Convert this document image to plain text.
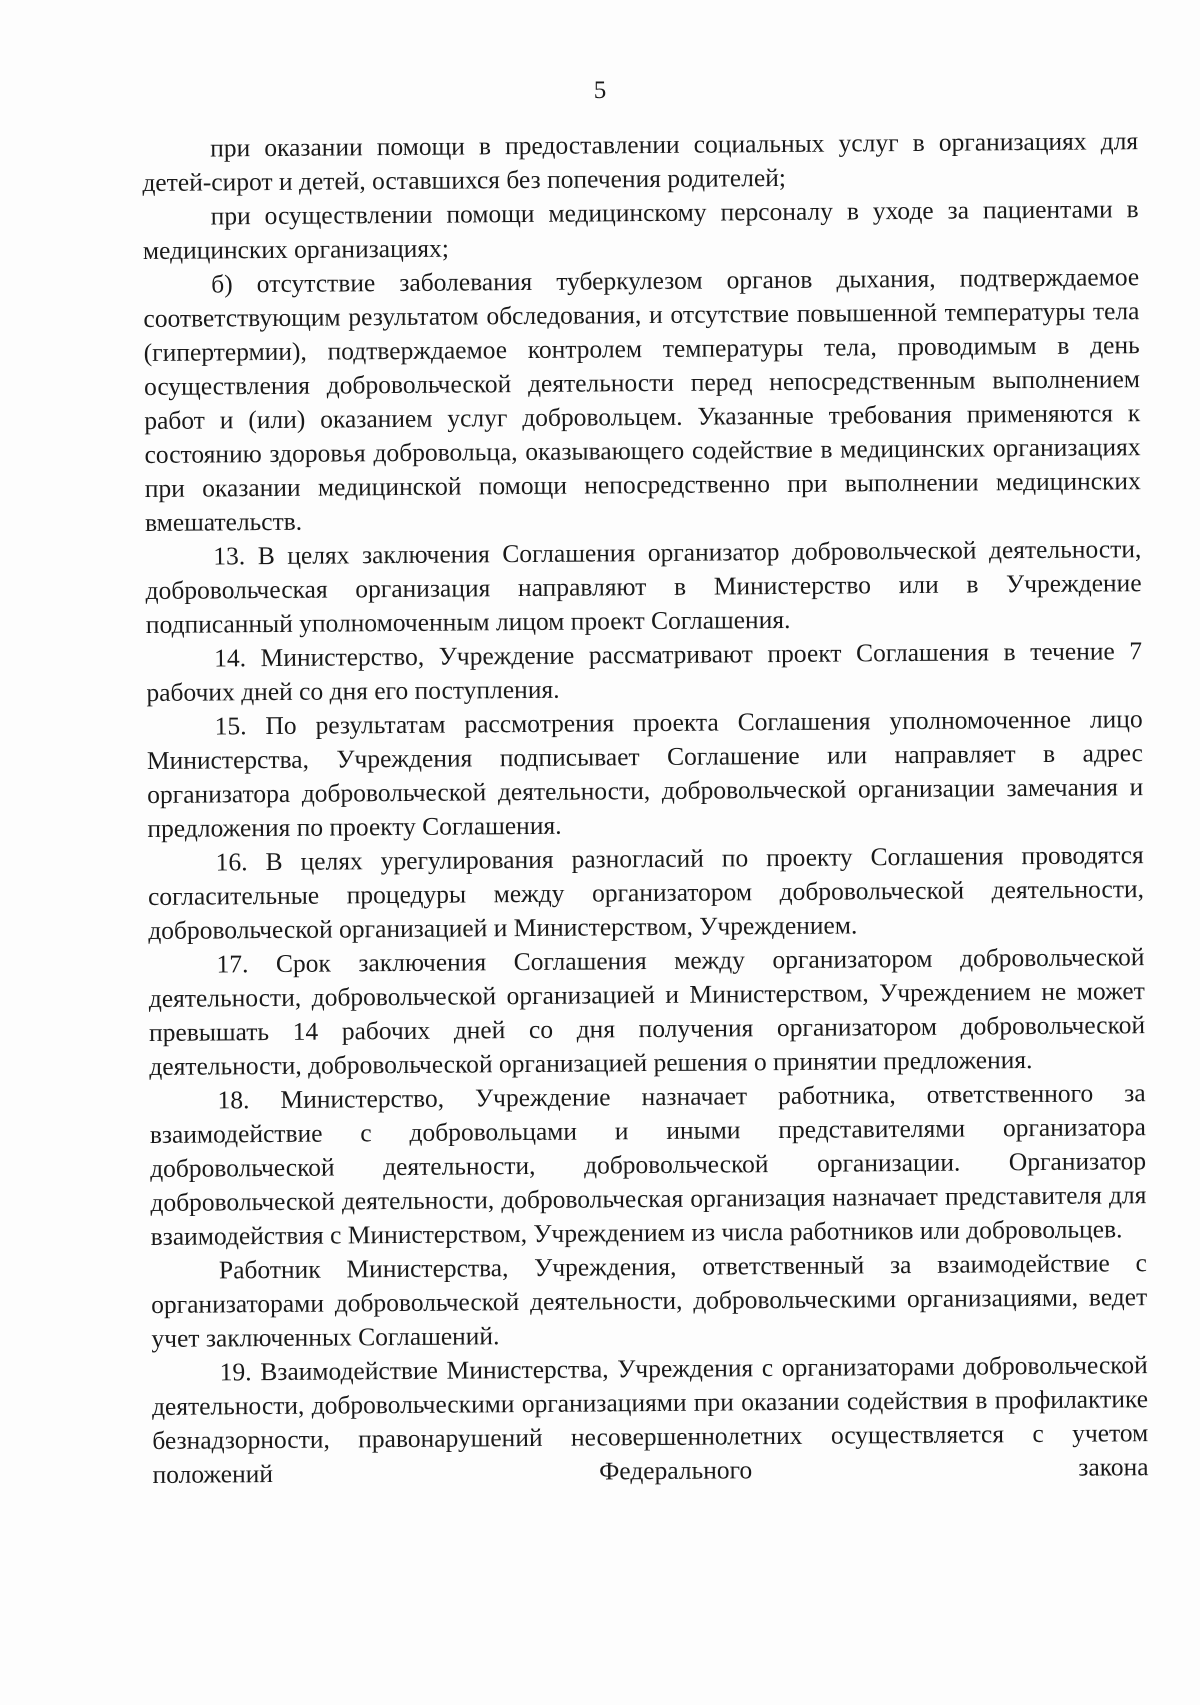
5

при оказании помощи в предоставлении социальных услуг в организациях для детей-сирот и детей, оставшихся без попечения родителей;

при осуществлении помощи медицинскому персоналу в уходе за пациентами в медицинских организациях;

б) отсутствие заболевания туберкулезом органов дыхания, подтверждаемое соответствующим результатом обследования, и отсутствие повышенной температуры тела (гипертермии), подтверждаемое контролем температуры тела, проводимым в день осуществления добровольческой деятельности перед непосредственным выполнением работ и (или) оказанием услуг добровольцем. Указанные требования применяются к состоянию здоровья добровольца, оказывающего содействие в медицинских организациях при оказании медицинской помощи непосредственно при выполнении медицинских вмешательств.

13. В целях заключения Соглашения организатор добровольческой деятельности, добровольческая организация направляют в Министерство или в Учреждение подписанный уполномоченным лицом проект Соглашения.

14. Министерство, Учреждение рассматривают проект Соглашения в течение 7 рабочих дней со дня его поступления.

15. По результатам рассмотрения проекта Соглашения уполномоченное лицо Министерства, Учреждения подписывает Соглашение или направляет в адрес организатора добровольческой деятельности, добровольческой организации замечания и предложения по проекту Соглашения.

16. В целях урегулирования разногласий по проекту Соглашения проводятся согласительные процедуры между организатором добровольческой деятельности, добровольческой организацией и Министерством, Учреждением.

17. Срок заключения Соглашения между организатором добровольческой деятельности, добровольческой организацией и Министерством, Учреждением не может превышать 14 рабочих дней со дня получения организатором добровольческой деятельности, добровольческой организацией решения о принятии предложения.

18. Министерство, Учреждение назначает работника, ответственного за взаимодействие с добровольцами и иными представителями организатора добровольческой деятельности, добровольческой организации. Организатор добровольческой деятельности, добровольческая организация назначает представителя для взаимодействия с Министерством, Учреждением из числа работников или добровольцев.

Работник Министерства, Учреждения, ответственный за взаимодействие с организаторами добровольческой деятельности, добровольческими организациями, ведет учет заключенных Соглашений.

19. Взаимодействие Министерства, Учреждения с организаторами добровольческой деятельности, добровольческими организациями при оказании содействия в профилактике безнадзорности, правонарушений несовершеннолетних осуществляется с учетом положений Федерального закона
